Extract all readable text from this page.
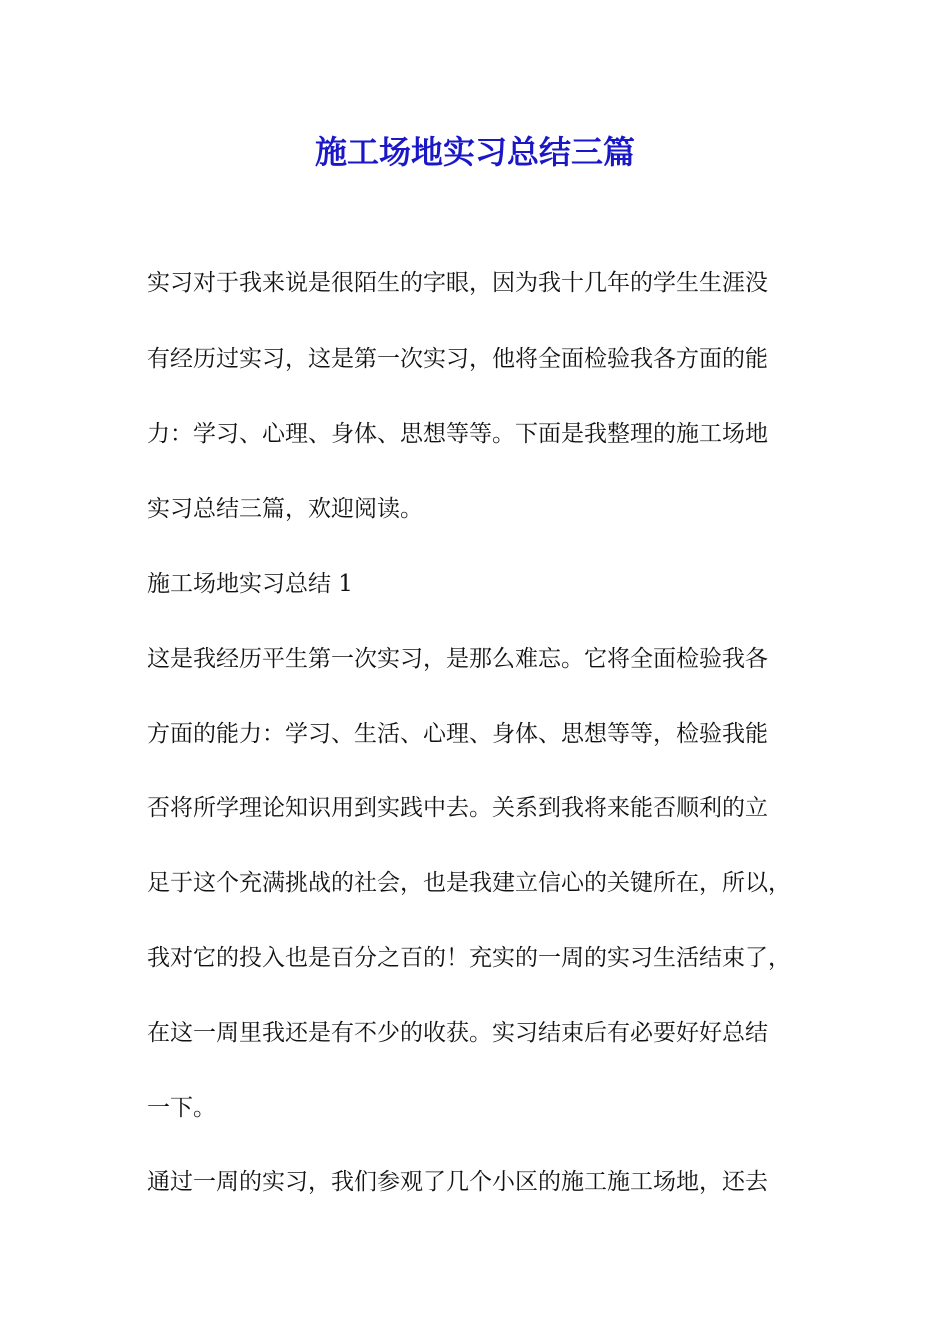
施工场地实习总结三篇

实习对于我来说是很陌生的字眼，因为我十几年的学生生涯没

有经历过实习，这是第一次实习，他将全面检验我各方面的能

力：学习、心理、身体、思想等等。下面是我整理的施工场地

实习总结三篇，欢迎阅读。

施工场地实习总结 1

这是我经历平生第一次实习，是那么难忘。它将全面检验我各

方面的能力：学习、生活、心理、身体、思想等等，检验我能

否将所学理论知识用到实践中去。关系到我将来能否顺利的立

足于这个充满挑战的社会，也是我建立信心的关键所在，所以，

我对它的投入也是百分之百的！充实的一周的实习生活结束了，

在这一周里我还是有不少的收获。实习结束后有必要好好总结

一下。

通过一周的实习，我们参观了几个小区的施工施工场地，还去
